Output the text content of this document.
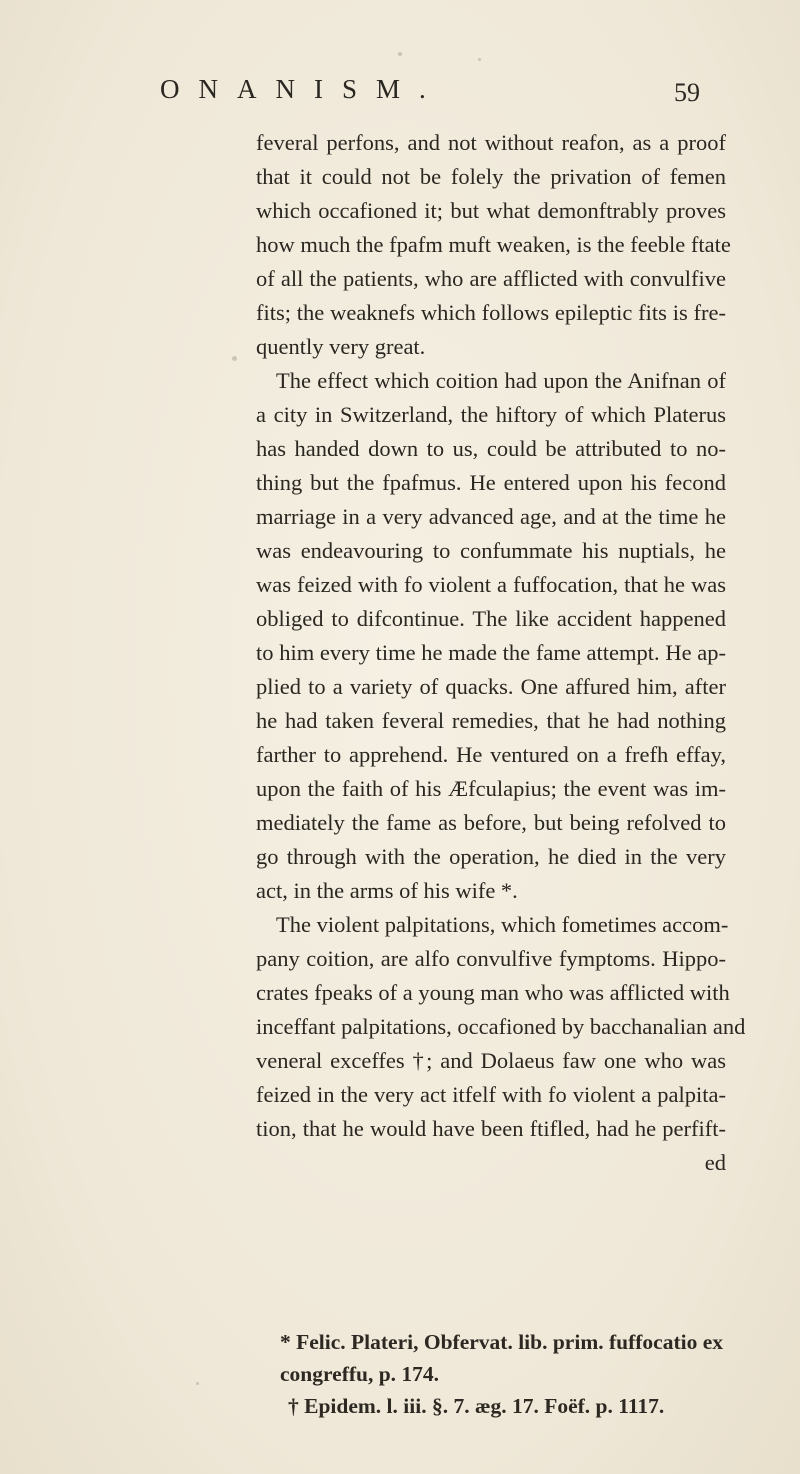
ONANISM.	59
feveral perfons, and not without reafon, as a proof
that it could not be folely the privation of femen
which occafioned it; but what demonftrably proves
how much the fpafm muft weaken, is the feeble ftate
of all the patients, who are afflicted with convulfive
fits; the weaknefs which follows epileptic fits is fre-
quently very great.
The effect which coition had upon the Anifnan of
a city in Switzerland, the hiftory of which Platerus
has handed down to us, could be attributed to no-
thing but the fpafmus. He entered upon his fecond
marriage in a very advanced age, and at the time he
was endeavouring to confummate his nuptials, he
was feized with fo violent a fuffocation, that he was
obliged to difcontinue. The like accident happened
to him every time he made the fame attempt. He ap-
plied to a variety of quacks. One affured him, after
he had taken feveral remedies, that he had nothing
farther to apprehend. He ventured on a frefh effay,
upon the faith of his Æfculapius; the event was im-
mediately the fame as before, but being refolved to
go through with the operation, he died in the very
act, in the arms of his wife *.
The violent palpitations, which fometimes accom-
pany coition, are alfo convulfive fymptoms. Hippo-
crates fpeaks of a young man who was afflicted with
inceffant palpitations, occafioned by bacchanalian and
veneral exceffes †; and Dolaeus faw one who was
feized in the very act itfelf with fo violent a palpita-
tion, that he would have been ftifled, had he perfift-
ed
* Felic. Plateri, Obfervat. lib. prim. fuffocatio ex
congreffu, p. 174.
† Epidem. l. iii. §. 7. æg. 17. Foëf. p. 1117.
